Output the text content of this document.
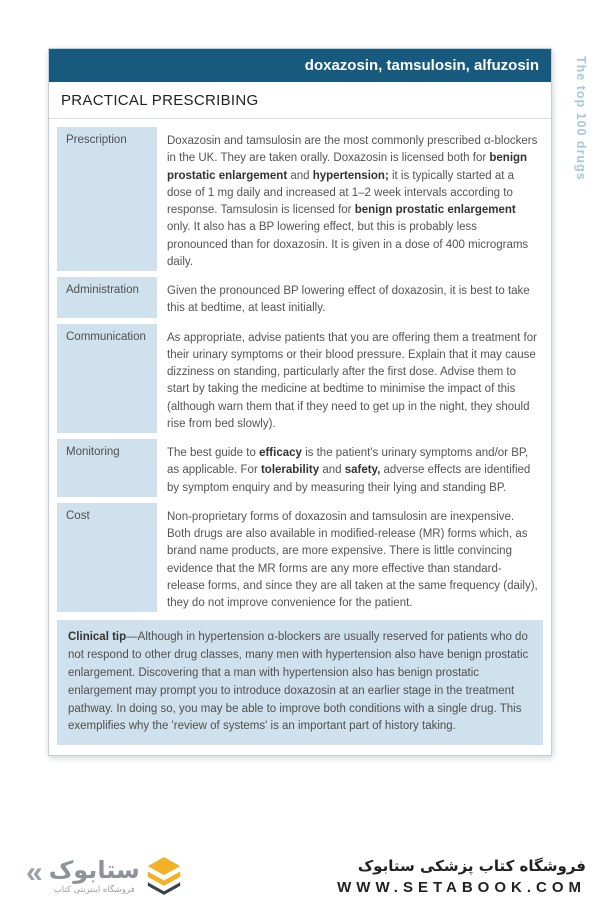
The top 100 drugs
doxazosin, tamsulosin, alfuzosin
PRACTICAL PRESCRIBING
Prescription	Doxazosin and tamsulosin are the most commonly prescribed α-blockers in the UK. They are taken orally. Doxazosin is licensed both for benign prostatic enlargement and hypertension; it is typically started at a dose of 1 mg daily and increased at 1–2 week intervals according to response. Tamsulosin is licensed for benign prostatic enlargement only. It also has a BP lowering effect, but this is probably less pronounced than for doxazosin. It is given in a dose of 400 micrograms daily.
Administration	Given the pronounced BP lowering effect of doxazosin, it is best to take this at bedtime, at least initially.
Communication	As appropriate, advise patients that you are offering them a treatment for their urinary symptoms or their blood pressure. Explain that it may cause dizziness on standing, particularly after the first dose. Advise them to start by taking the medicine at bedtime to minimise the impact of this (although warn them that if they need to get up in the night, they should rise from bed slowly).
Monitoring	The best guide to efficacy is the patient's urinary symptoms and/or BP, as applicable. For tolerability and safety, adverse effects are identified by symptom enquiry and by measuring their lying and standing BP.
Cost	Non-proprietary forms of doxazosin and tamsulosin are inexpensive. Both drugs are also available in modified-release (MR) forms which, as brand name products, are more expensive. There is little convincing evidence that the MR forms are any more effective than standard-release forms, and since they are all taken at the same frequency (daily), they do not improve convenience for the patient.
Clinical tip—Although in hypertension α-blockers are usually reserved for patients who do not respond to other drug classes, many men with hypertension also have benign prostatic enlargement. Discovering that a man with hypertension also has benign prostatic enlargement may prompt you to introduce doxazosin at an earlier stage in the treatment pathway. In doing so, you may be able to improve both conditions with a single drug. This exemplifies why the 'review of systems' is an important part of history taking.
« ستابوک
فروشگاه اینترنتی کتاب
فروشگاه کتاب پزشکی ستابوک
WWW.SETABOOK.COM
